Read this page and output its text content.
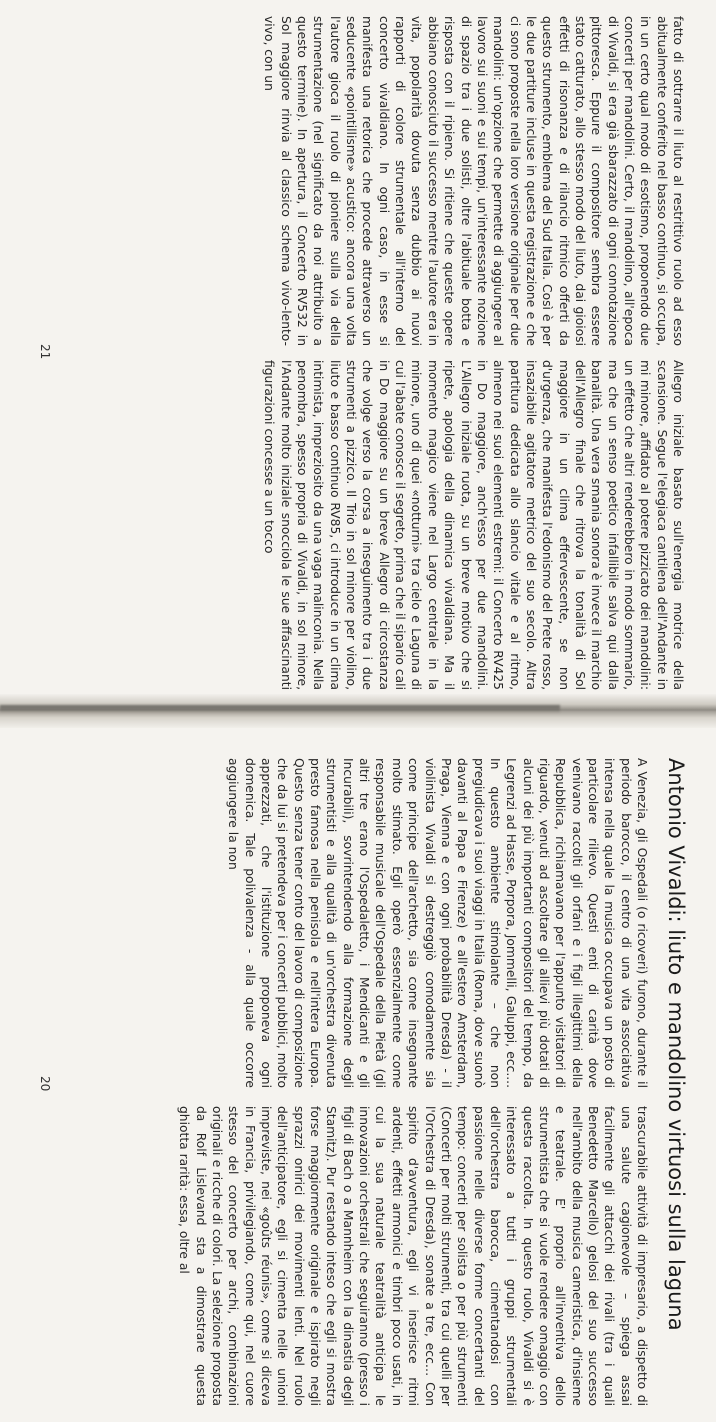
Antonio Vivaldi: liuto e mandolino virtuosi sulla laguna

A Venezia, gli Ospedali (o ricoveri) furono, durante il periodo barocco, il centro di una vita associativa intensa nella quale la musica occupava un posto di particolare rilievo. Questi enti di carità dove venivano raccolti gli orfani e i figli illegittimi della Repubblica, richiamavano per l'appunto visitatori di riguardo, venuti ad ascoltare gli allievi più dotati di alcuni dei più importanti compositori del tempo, da Legrenzi ad Hasse, Porpora, Jommelli, Galuppi, ecc.... In questo ambiente stimolante – che non pregiudicava i suoi viaggi in Italia (Roma, dove suonò davanti al Papa e Firenze) e all'estero Amsterdam, Praga, Vienna e con ogni probabilità Dresda) - il violinista Vivaldi si destreggiò comodamente sia come principe dell'archetto, sia come insegnante molto stimato. Egli operò essenzialmente come responsabile musicale dell'Ospedale della Pietà (gli altri tre erano l'Ospedaletto, i Mendicanti e gli Incurabili), sovrintendendo alla formazione degli strumentisti e alla qualità di un'orchestra divenuta presto famosa nella penisola e nell'intera Europa. Questo senza tener conto del lavoro di composizione che da lui si pretendeva per i concerti pubblici, molto apprezzati, che l'istituzione proponeva ogni domenica. Tale polivalenza - alla quale occorre aggiungere la non

trascurabile attività di impresario, a dispetto di una salute cagionevole – spiega assai facilmente gli attacchi dei rivali (tra i quali Benedetto Marcello) gelosi del suo successo nell'ambito della musica cameristica, d'insieme e teatrale. E' proprio all'inventiva dello strumentista che si vuole rendere omaggio con questa raccolta. In questo ruolo, Vivaldi si è interessato a tutti i gruppi strumentali dell'orchestra barocca, cimentandosi con passione nelle diverse forme concertanti del tempo: concerti per solista o per più strumenti (Concerti per molti strumenti, tra cui quelli per l'Orchestra di Dresda), sonate a tre, ecc… Con spirito d'avventura, egli vi inserisce ritmi ardenti, effetti armonici e timbri poco usati, in cui la sua naturale teatralità anticipa le innovazioni orchestrali che seguiranno (presso i figli di Bach o a Mannheim con la dinastia degli Stamitz). Pur restando inteso che egli si mostra forse maggiormente originale e ispirato negli sprazzi onirici dei movimenti lenti. Nel ruolo dell'anticipatore, egli si cimenta nelle unioni impreviste, nei «goûts réunis», come si diceva in Francia, privilegiando, come qui, nel cuore stesso del concerto per archi, combinazioni originali e ricche di colori. La selezione proposta da Rolf Lislevand sta a dimostrare questa ghiotta rarità: essa, oltre al

20

fatto di sottrarre il liuto al restrittivo ruolo ad esso abitualmente conferito nel basso continuo, si occupa, in un certo qual modo di esotismo, proponendo due concerti per mandolini. Certo, il mandolino, all'epoca di Vivaldi, si era già sbarazzato di ogni connotazione pittoresca. Eppure il compositore sembra essere stato catturato, allo stesso modo del liuto, dai gioiosi effetti di risonanza e di rilancio ritmico offerti da questo strumento, emblema del Sud Italia. Così è per le due partiture incluse in questa registrazione e che ci sono proposte nella loro versione originale per due mandolini: un'opzione che permette di aggiungere al lavoro sui suoni e sui tempi, un'interessante nozione di spazio tra i due solisti, oltre l'abituale botta e risposta con il ripieno. Si ritiene che queste opere abbiano conosciuto il successo mentre l'autore era in vita, popolarità dovuta senza dubbio ai nuovi rapporti di colore strumentale all'interno del concerto vivaldiano. In ogni caso, in esse si manifesta una retorica che procede attraverso un seducente «pointillisme» acustico: ancora una volta l'autore gioca il ruolo di pioniere sulla via della strumentazione (nel significato da noi attribuito a questo termine). In apertura, il Concerto RV532 in Sol maggiore rinvia al classico schema vivo-lento-vivo, con un

Allegro iniziale basato sull'energia motrice della scansione. Segue l'elegiaca cantilena dell'Andante in mi minore, affidato al potere pizzicato dei mandolini: un effetto che altri renderebbero in modo sommario, ma che un senso poetico infallibile salva qui dalla banalità. Una vera smania sonora è invece il marchio dell'Allegro finale che ritrova la tonalità di Sol maggiore in un clima effervescente, se non d'urgenza, che manifesta l'edonismo del Prete rosso, insaziabile agitatore metrico del suo secolo. Altra partitura dedicata allo slancio vitale e al ritmo, almeno nei suoi elementi estremi: il Concerto RV425 in Do maggiore, anch'esso per due mandolini. L'Allegro iniziale ruota, su un breve motivo che si ripete, apologia della dinamica vivaldiana. Ma il momento magico viene nel Largo centrale in la minore, uno di quei «notturni» tra cielo e Laguna di cui l'abate conosce il segreto, prima che il sipario cali in Do maggiore su un breve Allegro di circostanza che volge verso la corsa a inseguimento tra i due strumenti a pizzico. Il Trio in sol minore per violino, liuto e basso continuo RV85, ci introduce in un clima intimista, impreziosito da una vaga malinconia. Nella penombra, spesso propria di Vivaldi, in sol minore, l'Andante molto iniziale snocciola le sue affascinanti figurazioni concesse a un tocco

21
